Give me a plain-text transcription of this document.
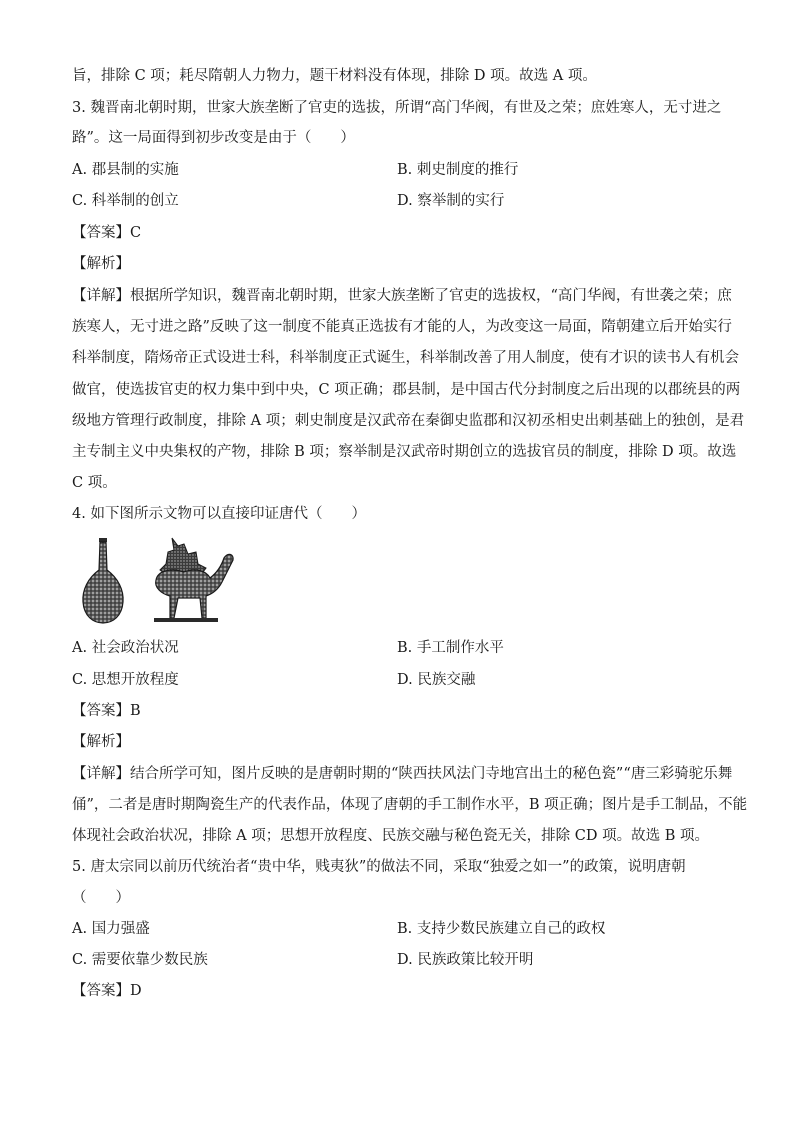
旨，排除 C 项；耗尽隋朝人力物力，题干材料没有体现，排除 D 项。故选 A 项。
3. 魏晋南北朝时期，世家大族垄断了官吏的选拔，所谓“高门华阀，有世及之荣；庶姓寒人，无寸进之
路”。这一局面得到初步改变是由于（　　）
A. 郡县制的实施	B. 刺史制度的推行
C. 科举制的创立	D. 察举制的实行
【答案】C
【解析】
【详解】根据所学知识，魏晋南北朝时期，世家大族垄断了官吏的选拔权，“高门华阀，有世袭之荣；庶
族寒人，无寸进之路”反映了这一制度不能真正选拔有才能的人，为改变这一局面，隋朝建立后开始实行
科举制度，隋炀帝正式设进士科，科举制度正式诞生，科举制改善了用人制度，使有才识的读书人有机会
做官，使选拔官吏的权力集中到中央，C 项正确；郡县制，是中国古代分封制度之后出现的以郡统县的两
级地方管理行政制度，排除 A 项；刺史制度是汉武帝在秦御史监郡和汉初丞相史出刺基础上的独创，是君
主专制主义中央集权的产物，排除 B 项；察举制是汉武帝时期创立的选拔官员的制度，排除 D 项。故选
C 项。
4. 如下图所示文物可以直接印证唐代（　　）
A. 社会政治状况	B. 手工制作水平
C. 思想开放程度	D. 民族交融
【答案】B
【解析】
【详解】结合所学可知，图片反映的是唐朝时期的“陕西扶风法门寺地宫出土的秘色瓷”“唐三彩骑驼乐舞
俑”，二者是唐时期陶瓷生产的代表作品，体现了唐朝的手工制作水平，B 项正确；图片是手工制品，不能
体现社会政治状况，排除 A 项；思想开放程度、民族交融与秘色瓷无关，排除 CD 项。故选 B 项。
5. 唐太宗同以前历代统治者“贵中华，贱夷狄”的做法不同，采取“独爱之如一”的政策，说明唐朝
（　　）
A. 国力强盛	B. 支持少数民族建立自己的政权
C. 需要依靠少数民族	D. 民族政策比较开明
【答案】D
